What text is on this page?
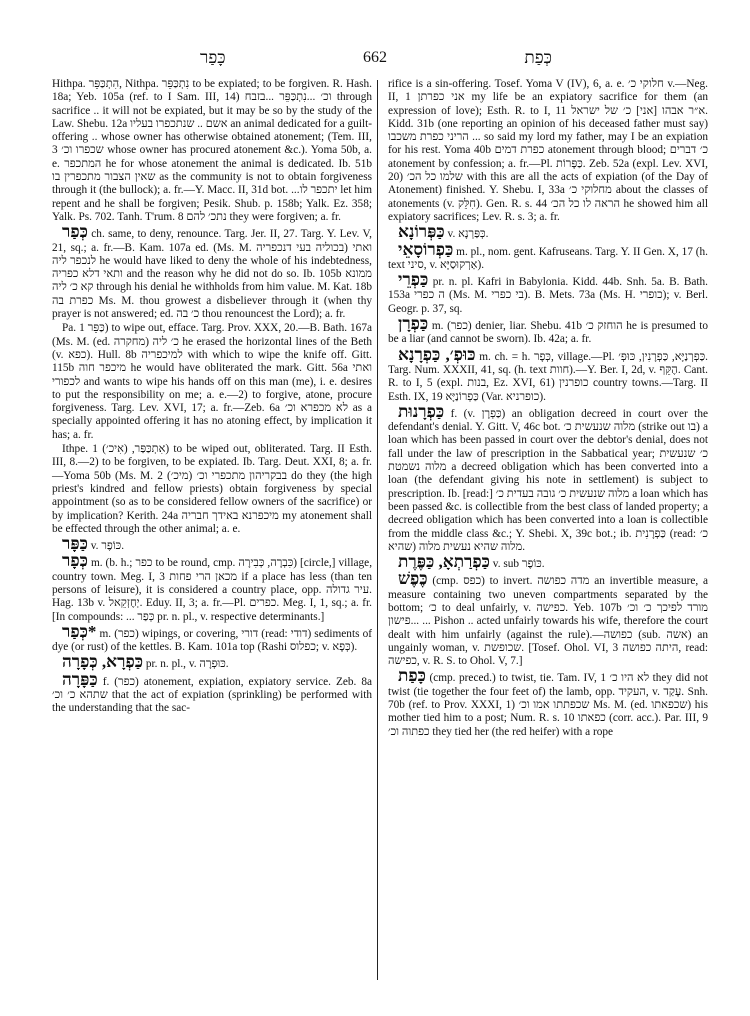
כָּפַר	662	כְּפַת

Hithpa. הִתְכַּפֵּר, Nithpa. נִתְכַּפֵּר to be expiated; to be forgiven. R. Hash. 18a; Yeb. 105a (ref. to I Sam. III, 14) וכ׳ ...נִתְכַּפֵּר ...בזבח through sacrifice .. it will not be expiated, but it may be so by the study of the Law. Shebu. 12a אשם .. שנתכפרו בעליו an animal dedicated for a guilt-offering .. whose owner has otherwise obtained atonement; (Tem. III, 3 שכפרו וכ׳ whose owner has procured atonement &c.). Yoma 50b, a. e. המתכפר he for whose atonement the animal is dedicated. Ib. 51b שאין הצבור מתכפרין בו as the community is not to obtain forgiveness through it (the bullock); a. fr.—Y. Macc. II, 31d bot. ...יתכפר לו let him repent and he shall be forgiven; Pesik. Shub. p. 158b; Yalk. Ez. 358; Yalk. Ps. 702. Tanh. T'rum. 8 נתכ׳ להם they were forgiven; a. fr.

כְּפַר ch. same, to deny, renounce. Targ. Jer. II, 27. Targ. Y. Lev. V, 21, sq.; a. fr.—B. Kam. 107a ed. (Ms. M. בכוליה בעי דנכפריה) ואתי לנכפר ליה he would have liked to deny the whole of his indebtedness, ותאי דלא כפריה and the reason why he did not do so. Ib. 105b ממונא קא כ׳ ליה through his denial he withholds from him value. M. Kat. 18b כפרת בה Ms. M. thou growest a disbeliever through it (when thy prayer is not answered; ed. כ׳ בה thou renouncest the Lord); a. fr.

Pa. כַּפֵּר 1) to wipe out, efface. Targ. Prov. XXX, 20.—B. Bath. 167a (Ms. M. (ed. מחקרה) כ׳ ליה he erased the horizontal lines of the Beth (v. כפא). Hull. 8b למיכפריה with which to wipe the knife off. Gitt. 115b מיכפר חוה he would have obliterated the mark. Gitt. 56a ואתי לכפורי and wants to wipe his hands off on this man (me), i. e. desires to put the responsibility on me; a. e.—2) to forgive, atone, procure forgiveness. Targ. Lev. XVI, 17; a. fr.—Zeb. 6a לא מכפרא וכ׳ as a specially appointed offering it has no atoning effect, by implication it has; a. fr.

Ithpe. אִתְכַּפַּר, (אִיכ׳) 1) to be wiped out, obliterated. Targ. II Esth. III, 8.—2) to be forgiven, to be expiated. Ib. Targ. Deut. XXI, 8; a. fr.—Yoma 50b (Ms. M. 2 בבקריהון מתכפרי וכ׳ (מיכ׳) do they (the high priest's kindred and fellow priests) obtain forgiveness by special appointment (so as to be considered fellow owners of the sacrifice) or by implication? Kerith. 24a מיכפרנא באידך חבריה my atonement shall be effected through the other animal; a. e.

כַּפָּר v. כּוֹפֶר.

כְּפָר m. (b. h.; כפר to be round, cmp. כִּבְרָה, כְּבִירָה) [circle,] village, country town. Meg. I, 3 מכאן הרי פחות if a place has less (than ten persons of leisure), it is considered a country place, opp. עיר גדולה. Hag. 13b v. יְחֶזְקֵאל. Eduy. II, 3; a. fr.—Pl. כפרים. Meg. I, 1, sq.; a. fr. [In compounds: ... כְּפַר pr. n. pl., v. respective determinants.]

כְּפַר* m. (כפר) wipings, or covering, דורי (read: דודי) sediments of dye (or rust) of the kettles. B. Kam. 101a top (Rashi כפלוס; v. כְּפָא).

כַּפְרָא, כְּפָרָה pr. n. pl., v. כּוּפְרָה.

כַּפָּרָה f. (כפר) atonement, expiation, expiatory service. Zeb. 8a שתהא כ׳ וכ׳ that the act of expiation (sprinkling) be performed with the understanding that the sac-

rifice is a sin-offering. Tosef. Yoma V (IV), 6, a. e. חלוקי כ׳ v.—Neg. II, 1 אני כפרתן my life be an expiatory sacrifice for them (an expression of love); Esth. R. to I, 11 א״ר אבהו [אני] כ׳ של ישראל. Kidd. 31b (one reporting an opinion of his deceased father must say) הריני כפרת משכבו ... so said my lord my father, may I be an expiation for his rest. Yoma 40b כפרת דמים atonement through blood; כ׳ דברים atonement by confession; a. fr.—Pl. כַּפָּרוֹת. Zeb. 52a (expl. Lev. XVI, 20) שלמו כל הכ׳ with this are all the acts of expiation (of the Day of Atonement) finished. Y. Shebu. I, 33a מחלוקי כ׳ about the classes of atonements (v. חִלֵּק). Gen. R. s. 44 הראה לו כל הכ׳ he showed him all expiatory sacrifices; Lev. R. s. 3; a. fr.

כַּפְּרוֹנָא v. כְּפַּרְנָא.

כַּפְרוֹסָאֵי m. pl., nom. gent. Kafruseans. Targ. Y. II Gen. X, 17 (h. text סיני, v. אַרְקוּסַיָּא).

כַּפְרֵי pr. n. pl. Kafri in Babylonia. Kidd. 44b. Snh. 5a. B. Bath. 153a ה כפרי (Ms. M. בי כפרי). B. Mets. 73a (Ms. H. כופרי); v. Berl. Geogr. p. 37, sq.

כַּפְרָן m. (כפר) denier, liar. Shebu. 41b הוחזק כ׳ he is presumed to be a liar (and cannot be sworn). Ib. 42a; a. fr.

כּוּפְ׳, כַּפְרָנָא m. ch. = h. כְּפָר, village.—Pl. כַּפְרְנַיָּא, כַּפְרָנִין, כּוּפְ׳. Targ. Num. XXXII, 41, sq. (h. text חוות).—Y. Ber. I, 2d, v. הֶקֵּף. Cant. R. to I, 5 (expl. בנות, Ez. XVI, 61) כופרנין country towns.—Targ. II Esth. IX, 19 כַּפְרוֹנַיָּא (Var. כופרניא).

כַּפְרָנוּת f. (v. כַּפְרָן) an obligation decreed in court over the defendant's denial. Y. Gitt. V, 46c bot. מלוה שנעשית כ׳ (strike out בו) a loan which has been passed in court over the debtor's denial, does not fall under the law of prescription in the Sabbatical year; כ׳ שנעשית מלוה נשמטת a decreed obligation which has been converted into a loan (the defendant giving his note in settlement) is subject to prescription. Ib. [read:] מלוה שנעשית כ׳ גובה בעדית כ׳ a loan which has been passed &c. is collectible from the best class of landed property; a decreed obligation which has been converted into a loan is collectible from the middle class &c.; Y. Shebi. X, 39c bot.; ib. כַּפְרָנִית (read: כ׳ שהיא) מלוה שהיא נעשית מלוה.

כַּפְרַתְאָ, כַּפֶּרֶת v. sub כּוֹפֶר.

כֶּפֶשׁ (cmp. כפס) to invert. מדה כפושה an invertible measure, a measure containing two uneven compartments separated by the bottom; כ׳ to deal unfairly, v. כפישה. Yeb. 107b מורד לפיכך כ׳ וכ׳ ...פישון ... Pishon .. acted unfairly towards his wife, therefore the court dealt with him unfairly (against the rule).—כפושה (sub. אשה) an ungainly woman, v. שכופשת. [Tosef. Ohol. VI, 3 היתה כפושה, read: כפישה, v. R. S. to Ohol. V, 7.]

כָּפַת (cmp. preced.) to twist, tie. Tam. IV, 1 לא היו כ׳ they did not twist (tie together the four feet of) the lamb, opp. העקיד, v. עָקַד. Snh. 70b (ref. to Prov. XXXI, 1) שכפתתו אמו וכ׳ Ms. M. (ed. שכפאתו) his mother tied him to a post; Num. R. s. 10 כפאתו (corr. acc.). Par. III, 9 כפתוה וכ׳ they tied her (the red heifer) with a rope
